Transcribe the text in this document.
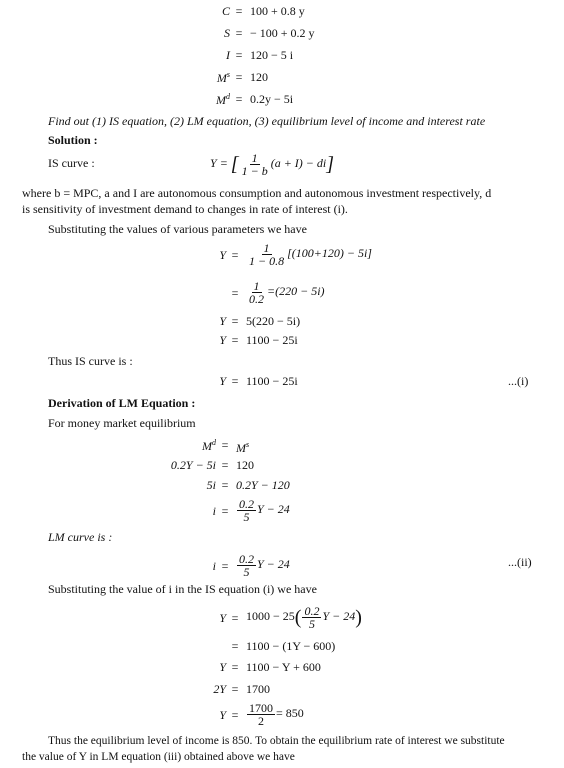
C = 100 + 0.8 y
S = − 100 + 0.2 y
I = 120 − 5 i
$M^s = 120$
$M^d = 0.2y - 5i$
Find out (1) IS equation, (2) LM equation, (3) equilibrium level of income and interest rate
Solution :
IS curve :	Y = [ $\frac{1}{1 - b} (a + I) - di$]
where b = MPC, a and I are autonomous consumption and autonomous investment respectively, d
is sensitivity of investment demand to changes in rate of interest (i).
Substituting the values of various parameters we have
$Y = \frac{1}{1 - 0.8} [(100+120) - 5i]$
= $\frac{1}{0.2} =(220 - 5i)$
Y = 5(220 − 5i)
Y = 1100 − 25i
Thus IS curve is :
Y = 1100 − 25i	...(i)
Derivation of LM Equation :
For money market equilibrium
$M^d = M^s$
0.2Y − 5i = 120
5i = 0.2Y − 120
$i = \frac{0.2}{5}$ Y − 24
LM curve is :
$i = \frac{0.2}{5}$ Y − 24	...(ii)
Substituting the value of i in the IS equation (i) we have
$Y = 1000 - 25( \frac{0.2}{5}$ Y − 24)
= 1100 − (1Y − 600)
Y = 1100 − Y + 600
2Y = 1700
$Y = \frac{1700}{2} = 850$
Thus the equilibrium level of income is 850. To obtain the equilibrium rate of interest we substitute
the value of Y in LM equation (iii) obtained above we have
